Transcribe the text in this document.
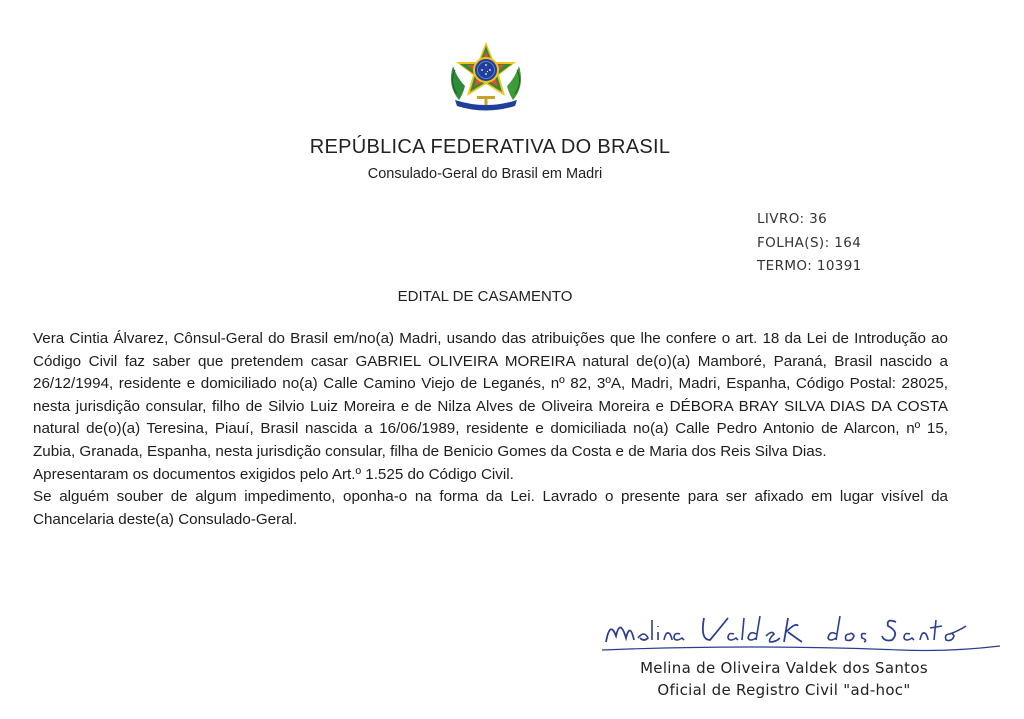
REPÚBLICA FEDERATIVA DO BRASIL
Consulado-Geral do Brasil em Madri
LIVRO: 36
FOLHA(S): 164
TERMO: 10391
EDITAL DE CASAMENTO

Vera Cintia Álvarez, Cônsul-Geral do Brasil em/no(a) Madri, usando das atribuições que lhe confere o art. 18 da Lei de Introdução ao Código Civil faz saber que pretendem casar GABRIEL OLIVEIRA MOREIRA natural de(o)(a) Mamboré, Paraná, Brasil nascido a 26/12/1994, residente e domiciliado no(a) Calle Camino Viejo de Leganés, nº 82, 3ºA, Madri, Madri, Espanha, Código Postal: 28025, nesta jurisdição consular, filho de Silvio Luiz Moreira e de Nilza Alves de Oliveira Moreira e DÉBORA BRAY SILVA DIAS DA COSTA natural de(o)(a) Teresina, Piauí, Brasil nascida a 16/06/1989, residente e domiciliada no(a) Calle Pedro Antonio de Alarcon, nº 15, Zubia, Granada, Espanha, nesta jurisdição consular, filha de Benicio Gomes da Costa e de Maria dos Reis Silva Dias.

Apresentaram os documentos exigidos pelo Art.º 1.525 do Código Civil.

Se alguém souber de algum impedimento, oponha-o na forma da Lei. Lavrado o presente para ser afixado em lugar visível da Chancelaria deste(a) Consulado-Geral.

Melina de Oliveira Valdek dos Santos
Oficial de Registro Civil "ad-hoc"
